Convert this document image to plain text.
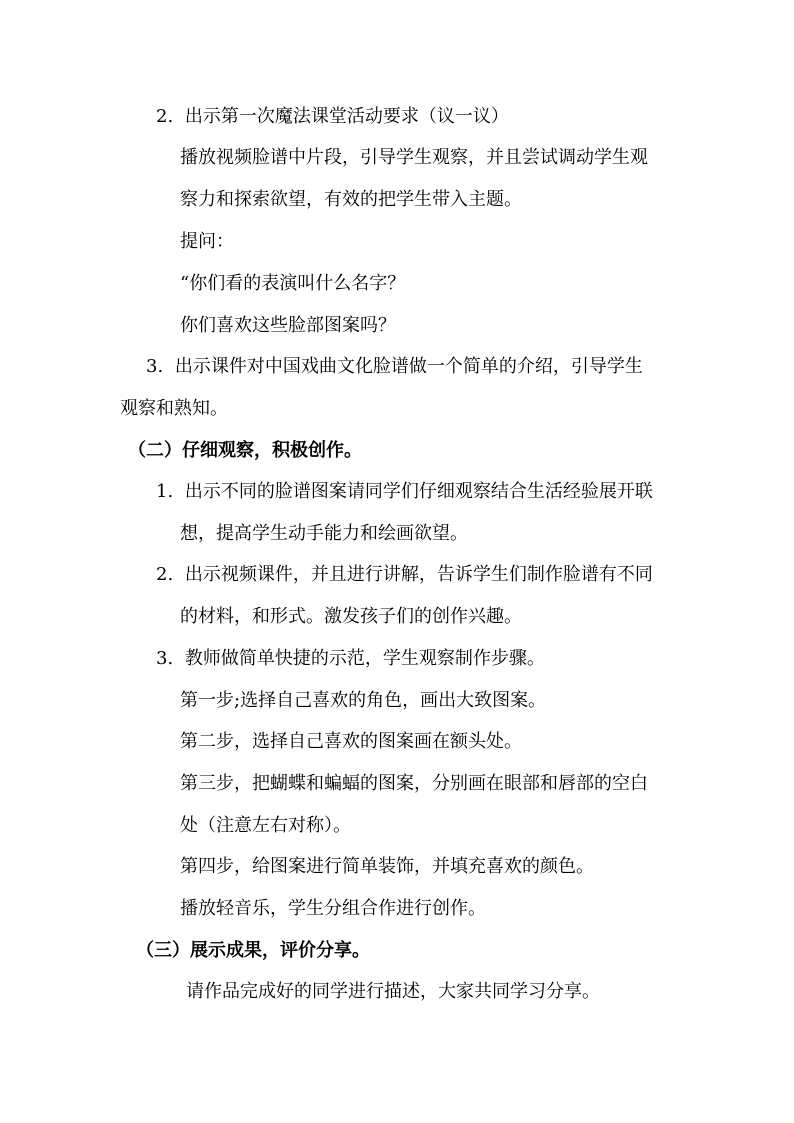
2. 出示第一次魔法课堂活动要求（议一议）
播放视频脸谱中片段，引导学生观察，并且尝试调动学生观
察力和探索欲望，有效的把学生带入主题。
提问：
“你们看的表演叫什么名字？
你们喜欢这些脸部图案吗？
3. 出示课件对中国戏曲文化脸谱做一个简单的介绍，引导学生
观察和熟知。
（二）仔细观察，积极创作。
1. 出示不同的脸谱图案请同学们仔细观察结合生活经验展开联
想，提高学生动手能力和绘画欲望。
2. 出示视频课件，并且进行讲解，告诉学生们制作脸谱有不同
的材料，和形式。激发孩子们的创作兴趣。
3. 教师做简单快捷的示范，学生观察制作步骤。
第一步;选择自己喜欢的角色，画出大致图案。
第二步，选择自己喜欢的图案画在额头处。
第三步，把蝴蝶和蝙蝠的图案，分别画在眼部和唇部的空白
处（注意左右对称）。
第四步，给图案进行简单装饰，并填充喜欢的颜色。
播放轻音乐，学生分组合作进行创作。
（三）展示成果，评价分享。
请作品完成好的同学进行描述，大家共同学习分享。
